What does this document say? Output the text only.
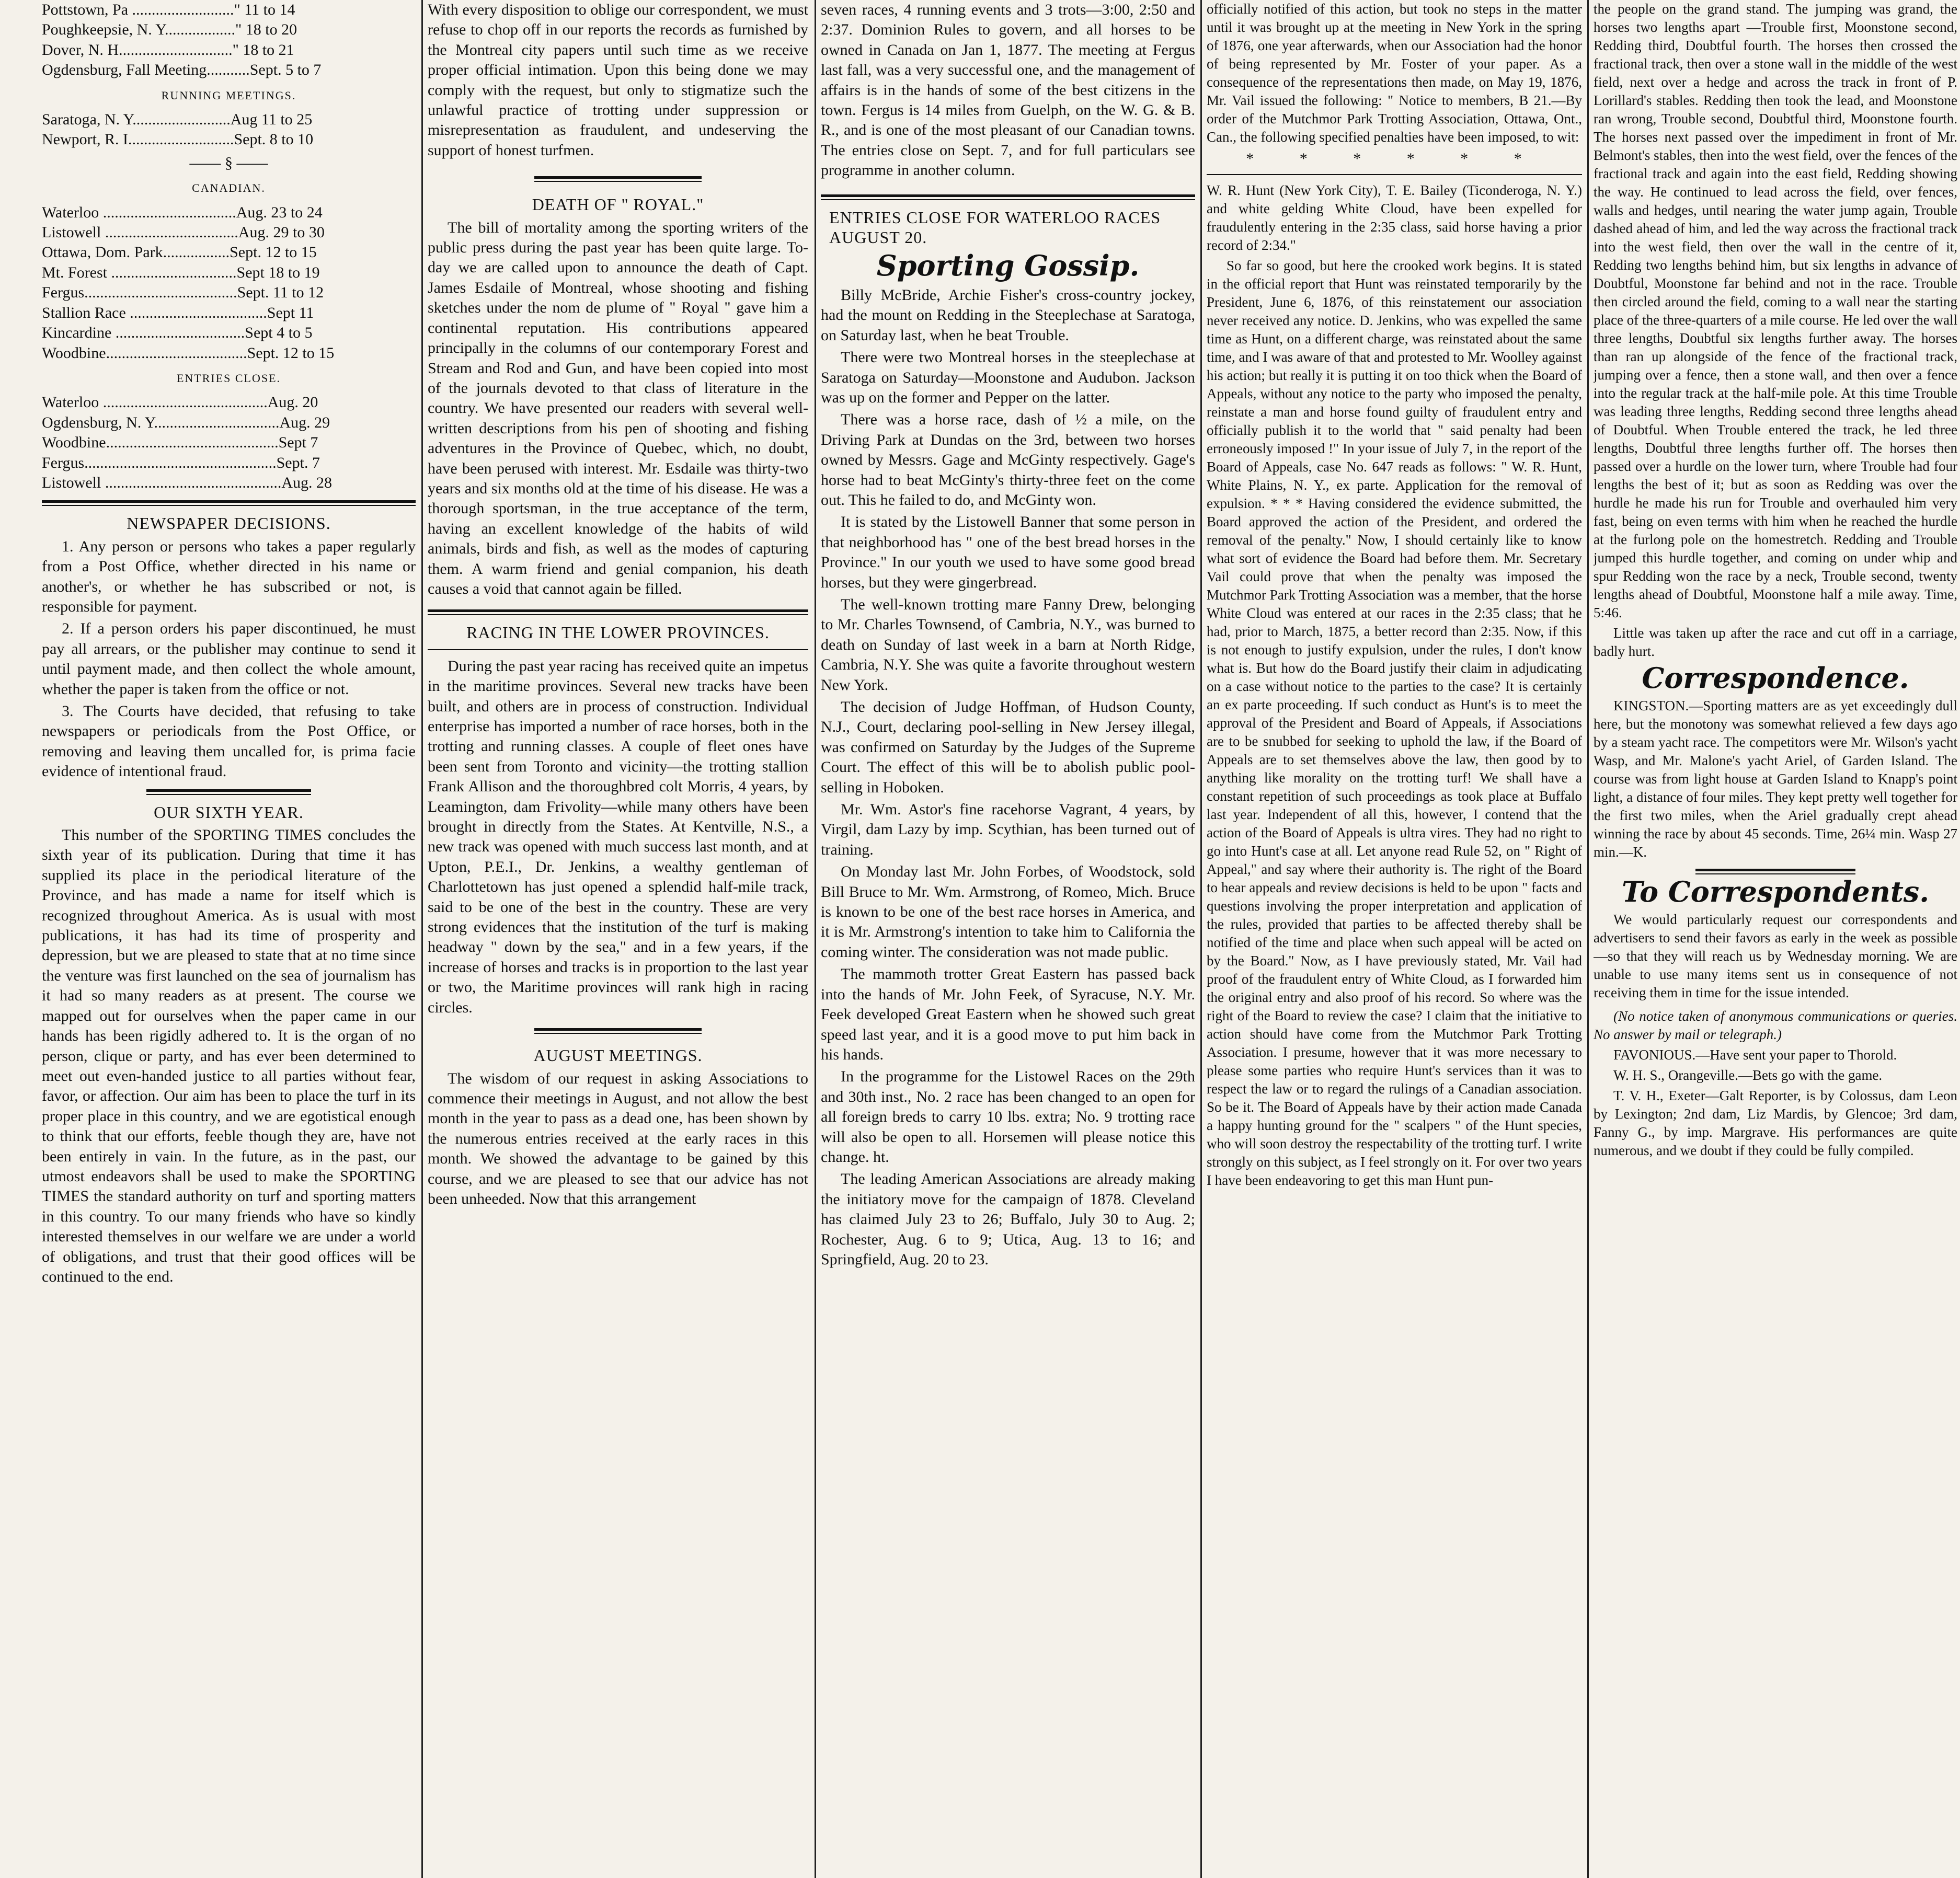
Pottstown, Pa .........................." 11 to 14
Poughkeepsie, N. Y.................." 18 to 20
Dover, N. H............................." 18 to 21
Ogdensburg, Fall Meeting...........Sept. 5 to 7
RUNNING MEETINGS.
Saratoga, N. Y.........................Aug 11 to 25
Newport, R. I...........................Sept. 8 to 10
—— § ——
CANADIAN.
Waterloo ..................................Aug. 23 to 24
Listowell ..................................Aug. 29 to 30
Ottawa, Dom. Park.................Sept. 12 to 15
Mt. Forest ................................Sept 18 to 19
Fergus.......................................Sept. 11 to 12
Stallion Race ...................................Sept 11
Kincardine .................................Sept 4 to 5
Woodbine....................................Sept. 12 to 15
ENTRIES CLOSE.
Waterloo ..........................................Aug. 20
Ogdensburg, N. Y................................Aug. 29
Woodbine............................................Sept 7
Fergus.................................................Sept. 7
Listowell .............................................Aug. 28
NEWSPAPER DECISIONS.
1. Any person or persons who takes a paper regularly from a Post Office, whether directed in his name or another's, or whether he has subscribed or not, is responsible for payment.
2. If a person orders his paper discontinued, he must pay all arrears, or the publisher may continue to send it until payment made, and then collect the whole amount, whether the paper is taken from the office or not.
3. The Courts have decided, that refusing to take newspapers or periodicals from the Post Office, or removing and leaving them uncalled for, is prima facie evidence of intentional fraud.
OUR SIXTH YEAR.
This number of the SPORTING TIMES concludes the sixth year of its publication. During that time it has supplied its place in the periodical literature of the Province, and has made a name for itself which is recognized throughout America. As is usual with most publications, it has had its time of prosperity and depression, but we are pleased to state that at no time since the venture was first launched on the sea of journalism has it had so many readers as at present. The course we mapped out for ourselves when the paper came in our hands has been rigidly adhered to. It is the organ of no person, clique or party, and has ever been determined to meet out even-handed justice to all parties without fear, favor, or affection. Our aim has been to place the turf in its proper place in this country, and we are egotistical enough to think that our efforts, feeble though they are, have not been entirely in vain. In the future, as in the past, our utmost endeavors shall be used to make the SPORTING TIMES the standard authority on turf and sporting matters in this country. To our many friends who have so kindly interested themselves in our welfare we are under a world of obligations, and trust that their good offices will be continued to the end.
With every disposition to oblige our correspondent, we must refuse to chop off in our reports the records as furnished by the Montreal city papers until such time as we receive proper official intimation. Upon this being done we may comply with the request, but only to stigmatize such the unlawful practice of trotting under suppression or misrepresentation as fraudulent, and undeserving the support of honest turfmen.
DEATH OF " ROYAL."
The bill of mortality among the sporting writers of the public press during the past year has been quite large. To-day we are called upon to announce the death of Capt. James Esdaile of Montreal, whose shooting and fishing sketches under the nom de plume of " Royal " gave him a continental reputation. His contributions appeared principally in the columns of our contemporary Forest and Stream and Rod and Gun, and have been copied into most of the journals devoted to that class of literature in the country. We have presented our readers with several well-written descriptions from his pen of shooting and fishing adventures in the Province of Quebec, which, no doubt, have been perused with interest. Mr. Esdaile was thirty-two years and six months old at the time of his disease. He was a thorough sportsman, in the true acceptance of the term, having an excellent knowledge of the habits of wild animals, birds and fish, as well as the modes of capturing them. A warm friend and genial companion, his death causes a void that cannot again be filled.
RACING IN THE LOWER PROVINCES.
During the past year racing has received quite an impetus in the maritime provinces. Several new tracks have been built, and others are in process of construction. Individual enterprise has imported a number of race horses, both in the trotting and running classes. A couple of fleet ones have been sent from Toronto and vicinity—the trotting stallion Frank Allison and the thoroughbred colt Morris, 4 years, by Leamington, dam Frivolity—while many others have been brought in directly from the States. At Kentville, N.S., a new track was opened with much success last month, and at Upton, P.E.I., Dr. Jenkins, a wealthy gentleman of Charlottetown has just opened a splendid half-mile track, said to be one of the best in the country. These are very strong evidences that the institution of the turf is making headway " down by the sea," and in a few years, if the increase of horses and tracks is in proportion to the last year or two, the Maritime provinces will rank high in racing circles.
AUGUST MEETINGS.
The wisdom of our request in asking Associations to commence their meetings in August, and not allow the best month in the year to pass as a dead one, has been shown by the numerous entries received at the early races in this month. We showed the advantage to be gained by this course, and we are pleased to see that our advice has not been unheeded. Now that this arrangement
seven races, 4 running events and 3 trots—3:00, 2:50 and 2:37. Dominion Rules to govern, and all horses to be owned in Canada on Jan 1, 1877. The meeting at Fergus last fall, was a very successful one, and the management of affairs is in the hands of some of the best citizens in the town. Fergus is 14 miles from Guelph, on the W. G. & B. R., and is one of the most pleasant of our Canadian towns. The entries close on Sept. 7, and for full particulars see programme in another column.
ENTRIES CLOSE FOR WATERLOO RACES AUGUST 20.
Sporting Gossip.
Billy McBride, Archie Fisher's cross-country jockey, had the mount on Redding in the Steeplechase at Saratoga, on Saturday last, when he beat Trouble.
There were two Montreal horses in the steeplechase at Saratoga on Saturday—Moonstone and Audubon. Jackson was up on the former and Pepper on the latter.
There was a horse race, dash of ½ a mile, on the Driving Park at Dundas on the 3rd, between two horses owned by Messrs. Gage and McGinty respectively. Gage's horse had to beat McGinty's thirty-three feet on the come out. This he failed to do, and McGinty won.
It is stated by the Listowell Banner that some person in that neighborhood has " one of the best bread horses in the Province." In our youth we used to have some good bread horses, but they were gingerbread.
The well-known trotting mare Fanny Drew, belonging to Mr. Charles Townsend, of Cambria, N.Y., was burned to death on Sunday of last week in a barn at North Ridge, Cambria, N.Y. She was quite a favorite throughout western New York.
The decision of Judge Hoffman, of Hudson County, N.J., Court, declaring pool-selling in New Jersey illegal, was confirmed on Saturday by the Judges of the Supreme Court. The effect of this will be to abolish public pool-selling in Hoboken.
Mr. Wm. Astor's fine racehorse Vagrant, 4 years, by Virgil, dam Lazy by imp. Scythian, has been turned out of training.
On Monday last Mr. John Forbes, of Woodstock, sold Bill Bruce to Mr. Wm. Armstrong, of Romeo, Mich. Bruce is known to be one of the best race horses in America, and it is Mr. Armstrong's intention to take him to California the coming winter. The consideration was not made public.
The mammoth trotter Great Eastern has passed back into the hands of Mr. John Feek, of Syracuse, N.Y. Mr. Feek developed Great Eastern when he showed such great speed last year, and it is a good move to put him back in his hands.
In the programme for the Listowel Races on the 29th and 30th inst., No. 2 race has been changed to an open for all foreign breds to carry 10 lbs. extra; No. 9 trotting race will also be open to all. Horsemen will please notice this change. ht.
The leading American Associations are already making the initiatory move for the campaign of 1878. Cleveland has claimed July 23 to 26; Buffalo, July 30 to Aug. 2; Rochester, Aug. 6 to 9; Utica, Aug. 13 to 16; and Springfield, Aug. 20 to 23.
officially notified of this action, but took no steps in the matter until it was brought up at the meeting in New York in the spring of 1876, one year afterwards, when our Association had the honor of being represented by Mr. Foster of your paper. As a consequence of the representations then made, on May 19, 1876, Mr. Vail issued the following: " Notice to members, B 21.—By order of the Mutchmor Park Trotting Association, Ottawa, Ont., Can., the following specified penalties have been imposed, to wit:
* * * * * *
W. R. Hunt (New York City), T. E. Bailey (Ticonderoga, N. Y.) and white gelding White Cloud, have been expelled for fraudulently entering in the 2:35 class, said horse having a prior record of 2:34."
So far so good, but here the crooked work begins. It is stated in the official report that Hunt was reinstated temporarily by the President, June 6, 1876, of this reinstatement our association never received any notice. D. Jenkins, who was expelled the same time as Hunt, on a different charge, was reinstated about the same time, and I was aware of that and protested to Mr. Woolley against his action; but really it is putting it on too thick when the Board of Appeals, without any notice to the party who imposed the penalty, reinstate a man and horse found guilty of fraudulent entry and officially publish it to the world that " said penalty had been erroneously imposed !" In your issue of July 7, in the report of the Board of Appeals, case No. 647 reads as follows: " W. R. Hunt, White Plains, N. Y., ex parte. Application for the removal of expulsion. * * * Having considered the evidence submitted, the Board approved the action of the President, and ordered the removal of the penalty." Now, I should certainly like to know what sort of evidence the Board had before them. Mr. Secretary Vail could prove that when the penalty was imposed the Mutchmor Park Trotting Association was a member, that the horse White Cloud was entered at our races in the 2:35 class; that he had, prior to March, 1875, a better record than 2:35. Now, if this is not enough to justify expulsion, under the rules, I don't know what is. But how do the Board justify their claim in adjudicating on a case without notice to the parties to the case? It is certainly an ex parte proceeding. If such conduct as Hunt's is to meet the approval of the President and Board of Appeals, if Associations are to be snubbed for seeking to uphold the law, if the Board of Appeals are to set themselves above the law, then good by to anything like morality on the trotting turf! We shall have a constant repetition of such proceedings as took place at Buffalo last year. Independent of all this, however, I contend that the action of the Board of Appeals is ultra vires. They had no right to go into Hunt's case at all. Let anyone read Rule 52, on " Right of Appeal," and say where their authority is. The right of the Board to hear appeals and review decisions is held to be upon " facts and questions involving the proper interpretation and application of the rules, provided that parties to be affected thereby shall be notified of the time and place when such appeal will be acted on by the Board." Now, as I have previously stated, Mr. Vail had proof of the fraudulent entry of White Cloud, as I forwarded him the original entry and also proof of his record. So where was the right of the Board to review the case? I claim that the initiative to action should have come from the Mutchmor Park Trotting Association. I presume, however that it was more necessary to please some parties who require Hunt's services than it was to respect the law or to regard the rulings of a Canadian association. So be it. The Board of Appeals have by their action made Canada a happy hunting ground for the " scalpers " of the Hunt species, who will soon destroy the respectability of the trotting turf. I write strongly on this subject, as I feel strongly on it. For over two years I have been endeavoring to get this man Hunt pun-
the people on the grand stand. The jumping was grand, the horses two lengths apart —Trouble first, Moonstone second, Redding third, Doubtful fourth. The horses then crossed the fractional track, then over a stone wall in the middle of the west field, next over a hedge and across the track in front of P. Lorillard's stables. Redding then took the lead, and Moonstone ran wrong, Trouble second, Doubtful third, Moonstone fourth. The horses next passed over the impediment in front of Mr. Belmont's stables, then into the west field, over the fences of the fractional track and again into the east field, Redding showing the way. He continued to lead across the field, over fences, walls and hedges, until nearing the water jump again, Trouble dashed ahead of him, and led the way across the fractional track into the west field, then over the wall in the centre of it, Redding two lengths behind him, but six lengths in advance of Doubtful, Moonstone far behind and not in the race. Trouble then circled around the field, coming to a wall near the starting place of the three-quarters of a mile course. He led over the wall three lengths, Doubtful six lengths further away. The horses than ran up alongside of the fence of the fractional track, jumping over a fence, then a stone wall, and then over a fence into the regular track at the half-mile pole. At this time Trouble was leading three lengths, Redding second three lengths ahead of Doubtful. When Trouble entered the track, he led three lengths, Doubtful three lengths further off. The horses then passed over a hurdle on the lower turn, where Trouble had four lengths the best of it; but as soon as Redding was over the hurdle he made his run for Trouble and overhauled him very fast, being on even terms with him when he reached the hurdle at the furlong pole on the homestretch. Redding and Trouble jumped this hurdle together, and coming on under whip and spur Redding won the race by a neck, Trouble second, twenty lengths ahead of Doubtful, Moonstone half a mile away. Time, 5:46.
Little was taken up after the race and cut off in a carriage, badly hurt.
Correspondence.
KINGSTON.—Sporting matters are as yet exceedingly dull here, but the monotony was somewhat relieved a few days ago by a steam yacht race. The competitors were Mr. Wilson's yacht Wasp, and Mr. Malone's yacht Ariel, of Garden Island. The course was from light house at Garden Island to Knapp's point light, a distance of four miles. They kept pretty well together for the first two miles, when the Ariel gradually crept ahead winning the race by about 45 seconds. Time, 26¼ min. Wasp 27 min.—K.
To Correspondents.
We would particularly request our correspondents and advertisers to send their favors as early in the week as possible—so that they will reach us by Wednesday morning. We are unable to use many items sent us in consequence of not receiving them in time for the issue intended.
(No notice taken of anonymous communications or queries. No answer by mail or telegraph.)
FAVONIOUS.—Have sent your paper to Thorold.
W. H. S., Orangeville.—Bets go with the game.
T. V. H., Exeter—Galt Reporter, is by Colossus, dam Leon by Lexington; 2nd dam, Liz Mardis, by Glencoe; 3rd dam, Fanny G., by imp. Margrave. His performances are quite numerous, and we doubt if they could be fully compiled.
